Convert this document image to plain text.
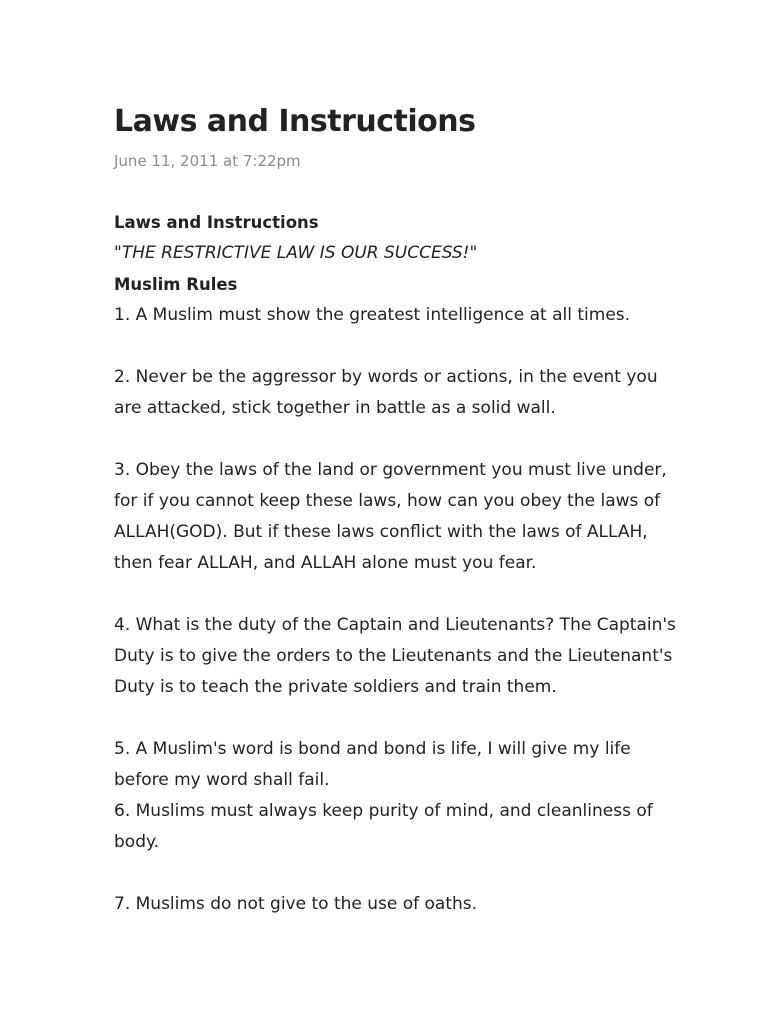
Laws and Instructions
June 11, 2011 at 7:22pm

Laws and Instructions

"THE RESTRICTIVE LAW IS OUR SUCCESS!"

Muslim Rules

1. A Muslim must show the greatest intelligence at all times.

2. Never be the aggressor by words or actions, in the event you

are attacked, stick together in battle as a solid wall.

3. Obey the laws of the land or government you must live under,

for if you cannot keep these laws, how can you obey the laws of

ALLAH(GOD). But if these laws conflict with the laws of ALLAH,

then fear ALLAH, and ALLAH alone must you fear.

4. What is the duty of the Captain and Lieutenants? The Captain's

Duty is to give the orders to the Lieutenants and the Lieutenant's

Duty is to teach the private soldiers and train them.

5. A Muslim's word is bond and bond is life, I will give my life

before my word shall fail.

6. Muslims must always keep purity of mind, and cleanliness of

body.

7. Muslims do not give to the use of oaths.
